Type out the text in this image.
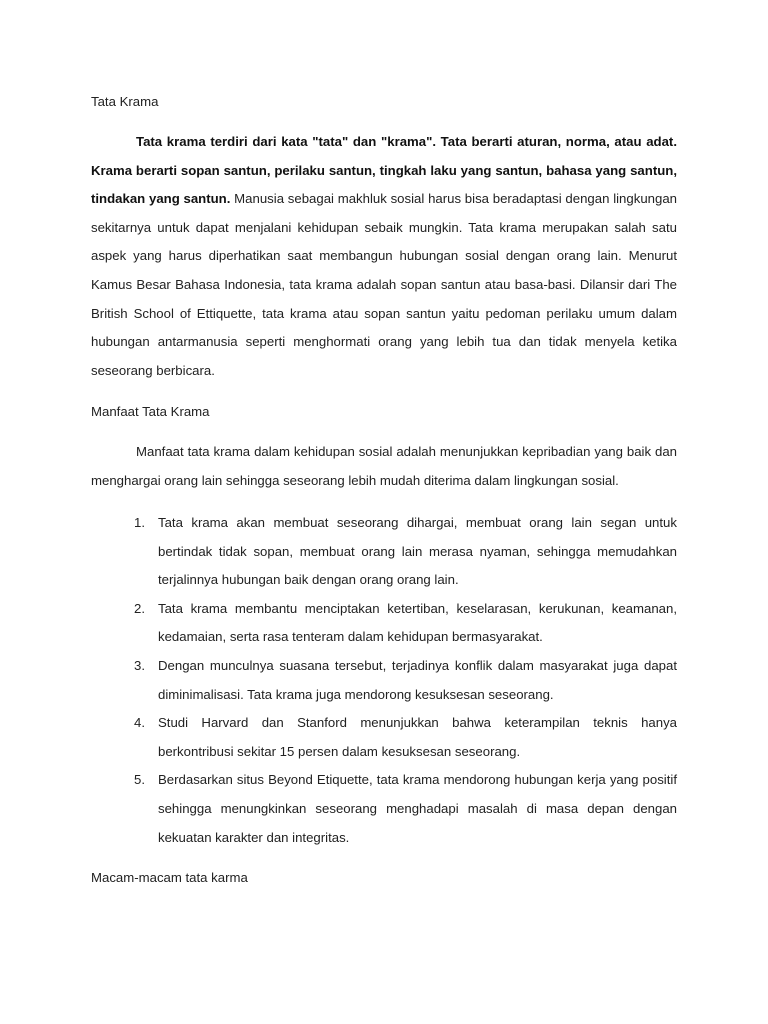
Tata Krama

Tata krama terdiri dari kata "tata" dan "krama". Tata berarti aturan, norma, atau adat. Krama berarti sopan santun, perilaku santun, tingkah laku yang santun, bahasa yang santun, tindakan yang santun. Manusia sebagai makhluk sosial harus bisa beradaptasi dengan lingkungan sekitarnya untuk dapat menjalani kehidupan sebaik mungkin. Tata krama merupakan salah satu aspek yang harus diperhatikan saat membangun hubungan sosial dengan orang lain. Menurut Kamus Besar Bahasa Indonesia, tata krama adalah sopan santun atau basa-basi. Dilansir dari The British School of Ettiquette, tata krama atau sopan santun yaitu pedoman perilaku umum dalam hubungan antarmanusia seperti menghormati orang yang lebih tua dan tidak menyela ketika seseorang berbicara.

Manfaat Tata Krama

Manfaat tata krama dalam kehidupan sosial adalah menunjukkan kepribadian yang baik dan menghargai orang lain sehingga seseorang lebih mudah diterima dalam lingkungan sosial.

1. Tata krama akan membuat seseorang dihargai, membuat orang lain segan untuk bertindak tidak sopan, membuat orang lain merasa nyaman, sehingga memudahkan terjalinnya hubungan baik dengan orang orang lain.
2. Tata krama membantu menciptakan ketertiban, keselarasan, kerukunan, keamanan, kedamaian, serta rasa tenteram dalam kehidupan bermasyarakat.
3. Dengan munculnya suasana tersebut, terjadinya konflik dalam masyarakat juga dapat diminimalisasi. Tata krama juga mendorong kesuksesan seseorang.
4. Studi Harvard dan Stanford menunjukkan bahwa keterampilan teknis hanya berkontribusi sekitar 15 persen dalam kesuksesan seseorang.
5. Berdasarkan situs Beyond Etiquette, tata krama mendorong hubungan kerja yang positif sehingga menungkinkan seseorang menghadapi masalah di masa depan dengan kekuatan karakter dan integritas.
Macam-macam tata karma
